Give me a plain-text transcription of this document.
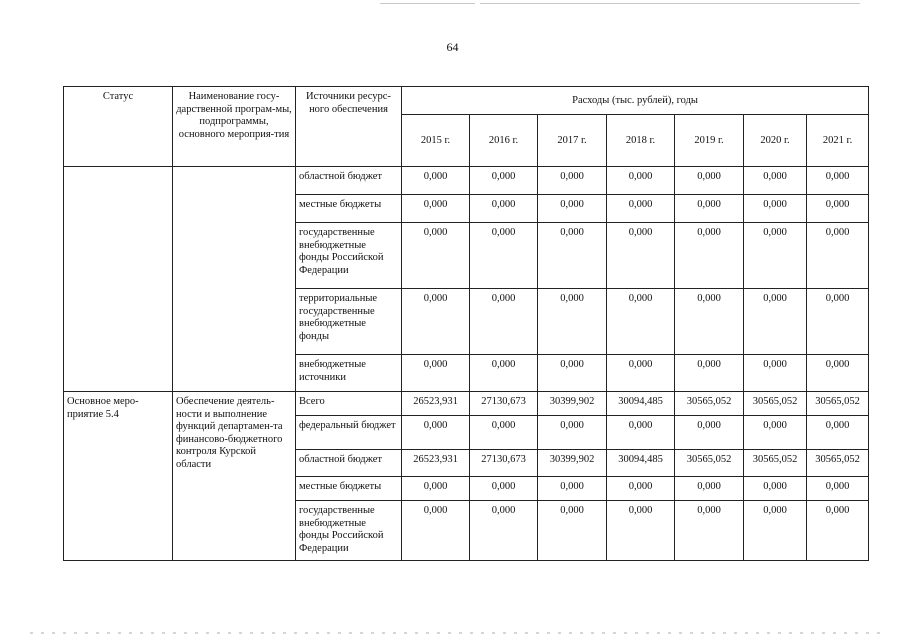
64
Статус	Наименование госу-дарственной програм-мы, подпрограммы, основного мероприя-тия	Источники ресурс-ного обеспечения	Расходы (тыс. рублей), годы						
			2015 г.	2016 г.	2017 г.	2018 г.	2019 г.	2020 г.	2021 г.
		областной бюджет	0,000	0,000	0,000	0,000	0,000	0,000	0,000
		местные бюджеты	0,000	0,000	0,000	0,000	0,000	0,000	0,000
		государственные внебюджетные фонды Российской Федерации	0,000	0,000	0,000	0,000	0,000	0,000	0,000
		территориальные государственные внебюджетные фонды	0,000	0,000	0,000	0,000	0,000	0,000	0,000
		внебюджетные источники	0,000	0,000	0,000	0,000	0,000	0,000	0,000
Основное меро-приятие 5.4	Обеспечение деятель-ности и выполнение функций департамен-та финансово-бюджетного контроля Курской области	Всего	26523,931	27130,673	30399,902	30094,485	30565,052	30565,052	30565,052
		федеральный бюджет	0,000	0,000	0,000	0,000	0,000	0,000	0,000
		областной бюджет	26523,931	27130,673	30399,902	30094,485	30565,052	30565,052	30565,052
		местные бюджеты	0,000	0,000	0,000	0,000	0,000	0,000	0,000
		государственные внебюджетные фонды Российской Федерации	0,000	0,000	0,000	0,000	0,000	0,000	0,000
